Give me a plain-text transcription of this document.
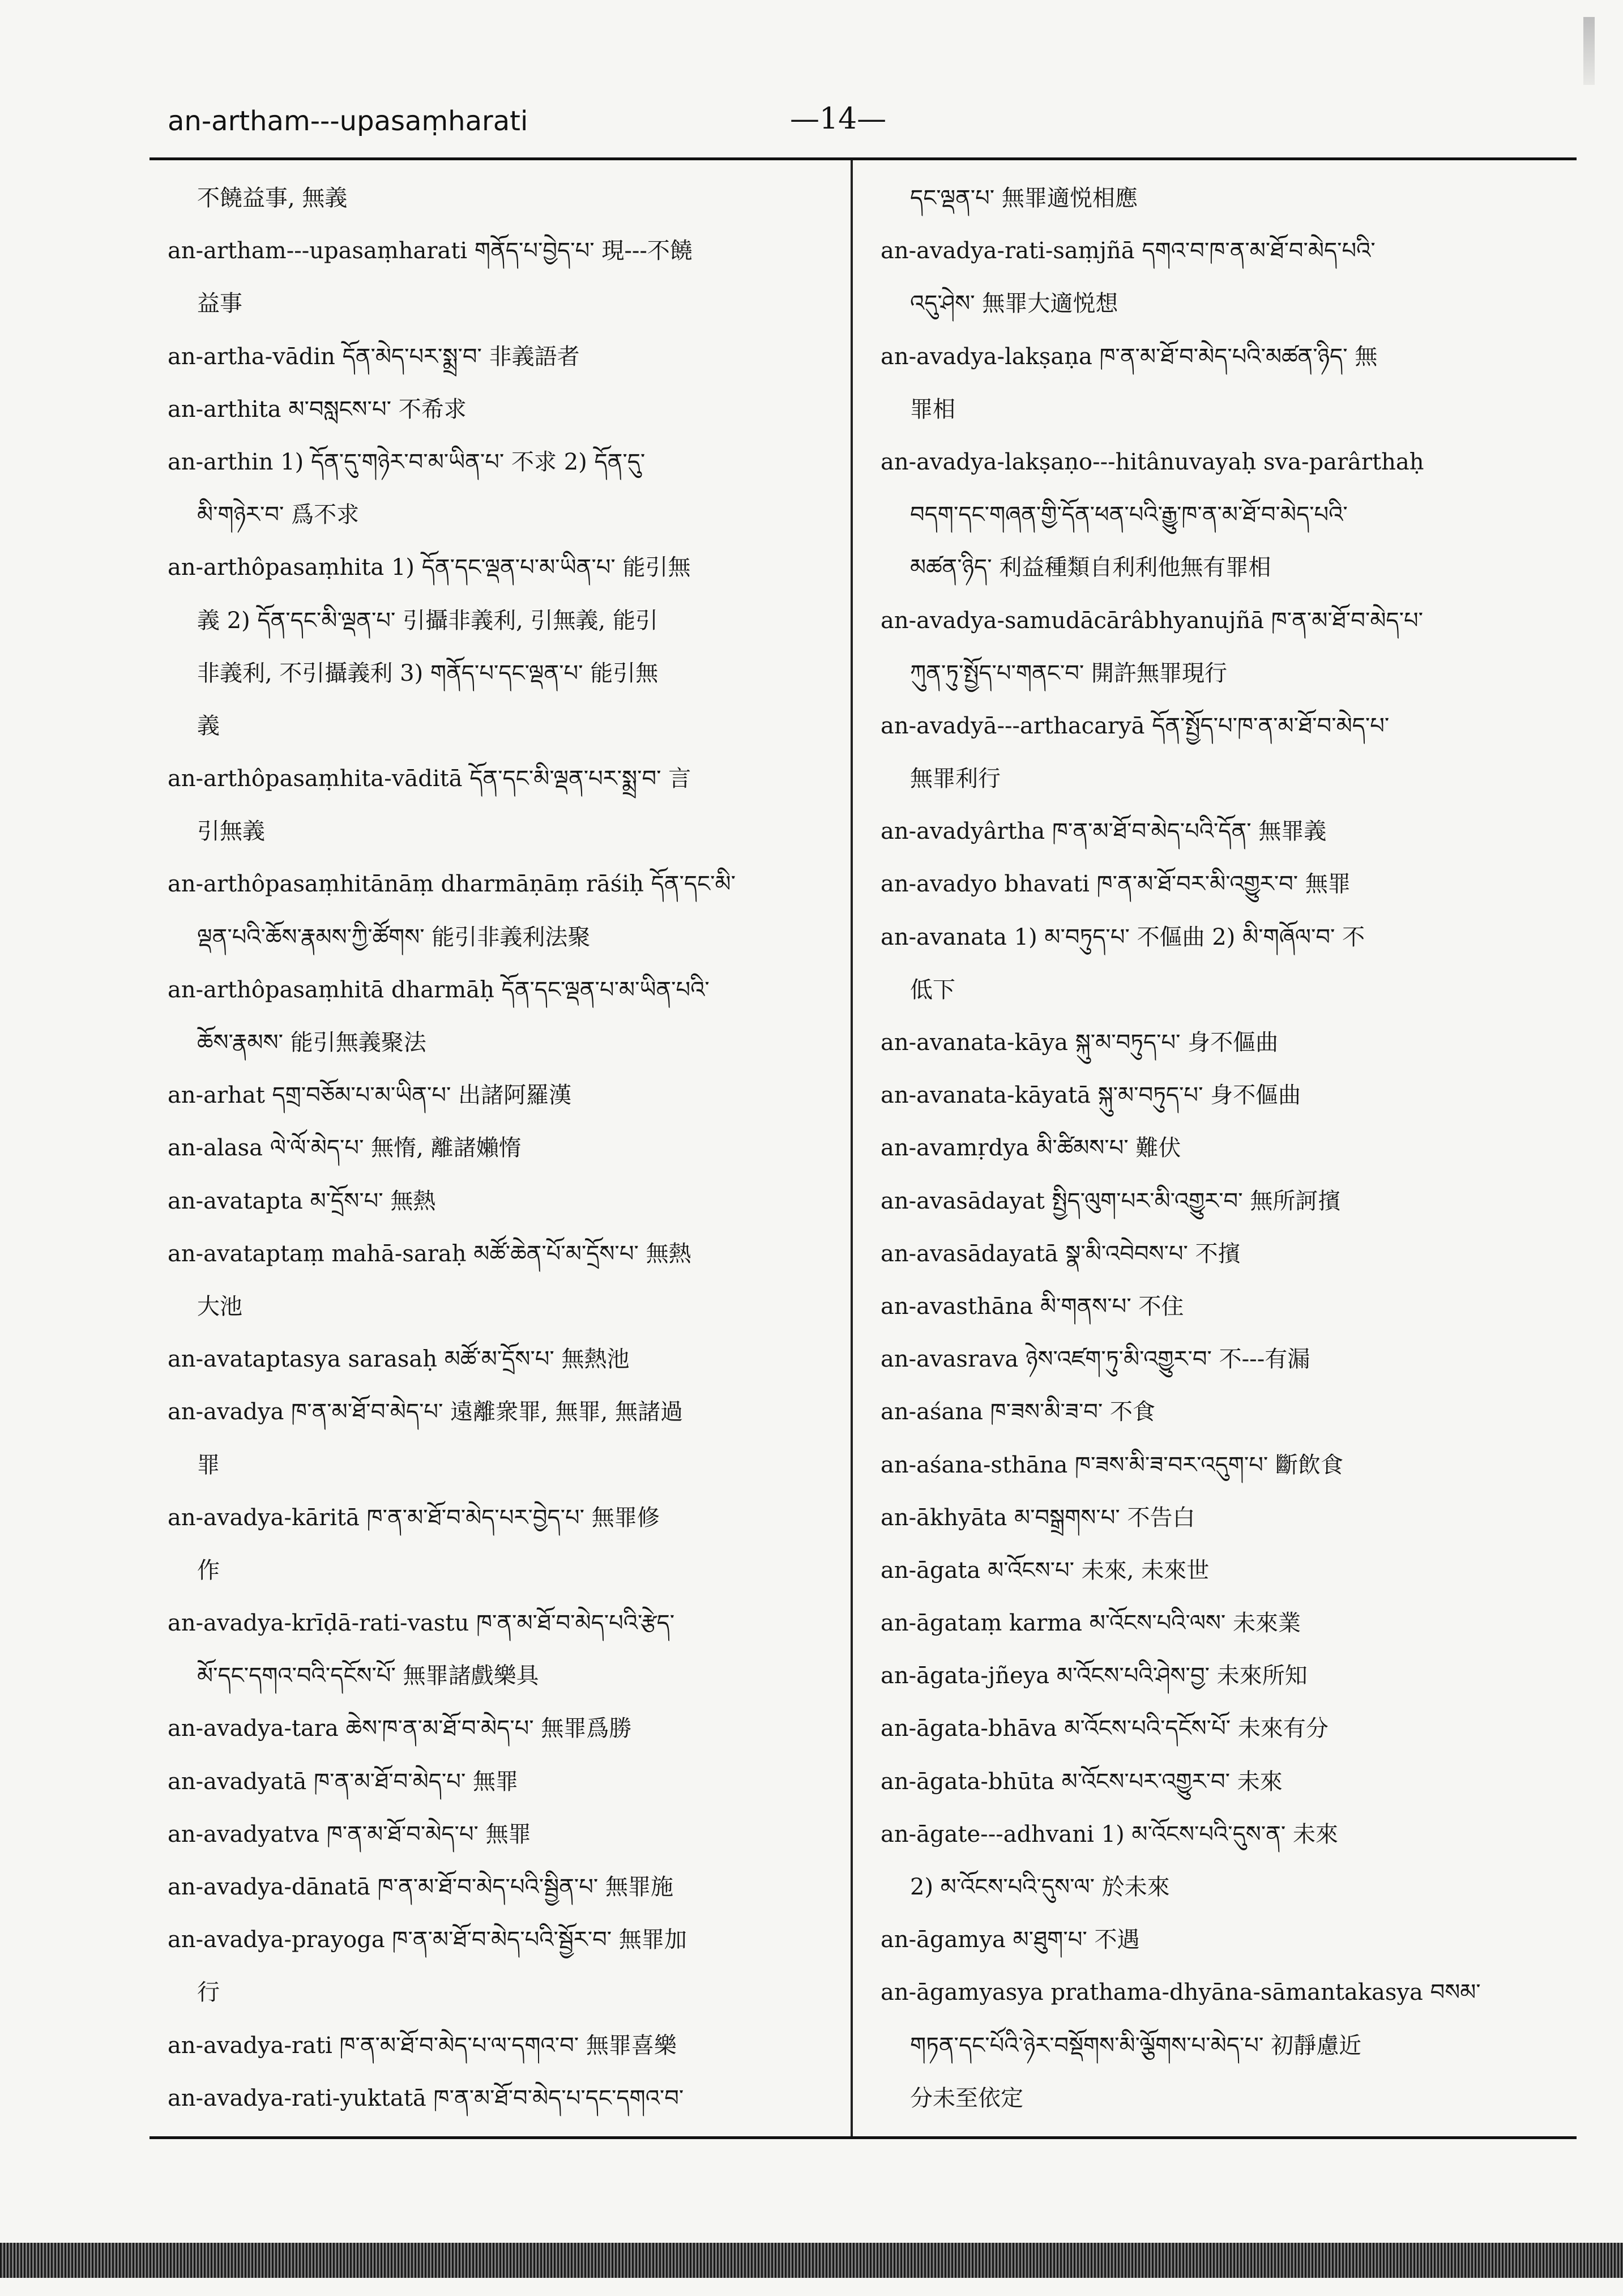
an-artham---upasaṃharati	—14—
不饒益事, 無義
an-artham---upasaṃharati གནོད་པ་བྱེད་པ་ 現---不饒
益事
an-artha-vādin དོན་མེད་པར་སྨྲ་བ་ 非義語者
an-arthita མ་བསླངས་པ་ 不希求
an-arthin 1) དོན་དུ་གཉེར་བ་མ་ཡིན་པ་ 不求 2) དོན་དུ་
མི་གཉེར་བ་ 爲不求
an-arthôpasaṃhita 1) དོན་དང་ལྡན་པ་མ་ཡིན་པ་ 能引無
義 2) དོན་དང་མི་ལྡན་པ་ 引攝非義利, 引無義, 能引
非義利, 不引攝義利 3) གནོད་པ་དང་ལྡན་པ་ 能引無
義
an-arthôpasaṃhita-vāditā དོན་དང་མི་ལྡན་པར་སྨྲ་བ་ 言
引無義
an-arthôpasaṃhitānāṃ dharmāṇāṃ rāśiḥ དོན་དང་མི་
ལྡན་པའི་ཆོས་རྣམས་ཀྱི་ཚོགས་ 能引非義利法聚
an-arthôpasaṃhitā dharmāḥ དོན་དང་ལྡན་པ་མ་ཡིན་པའི་
ཆོས་རྣམས་ 能引無義聚法
an-arhat དགྲ་བཅོམ་པ་མ་ཡིན་པ་ 出諸阿羅漢
an-alasa ལེ་ལོ་མེད་པ་ 無惰, 離諸嬾惰
an-avatapta མ་དྲོས་པ་ 無熱
an-avataptaṃ mahā-saraḥ མཚོ་ཆེན་པོ་མ་དྲོས་པ་ 無熱
大池
an-avataptasya sarasaḥ མཚོ་མ་དྲོས་པ་ 無熱池
an-avadya ཁ་ན་མ་ཐོ་བ་མེད་པ་ 遠離衆罪, 無罪, 無諸過
罪
an-avadya-kāritā ཁ་ན་མ་ཐོ་བ་མེད་པར་བྱེད་པ་ 無罪修
作
an-avadya-krīḍā-rati-vastu ཁ་ན་མ་ཐོ་བ་མེད་པའི་རྩེད་
མོ་དང་དགའ་བའི་དངོས་པོ་ 無罪諸戲樂具
an-avadya-tara ཆེས་ཁ་ན་མ་ཐོ་བ་མེད་པ་ 無罪爲勝
an-avadyatā ཁ་ན་མ་ཐོ་བ་མེད་པ་ 無罪
an-avadyatva ཁ་ན་མ་ཐོ་བ་མེད་པ་ 無罪
an-avadya-dānatā ཁ་ན་མ་ཐོ་བ་མེད་པའི་སྦྱིན་པ་ 無罪施
an-avadya-prayoga ཁ་ན་མ་ཐོ་བ་མེད་པའི་སྦྱོར་བ་ 無罪加
行
an-avadya-rati ཁ་ན་མ་ཐོ་བ་མེད་པ་ལ་དགའ་བ་ 無罪喜樂
an-avadya-rati-yuktatā ཁ་ན་མ་ཐོ་བ་མེད་པ་དང་དགའ་བ་
དང་ལྡན་པ་ 無罪適悦相應
an-avadya-rati-saṃjñā དགའ་བ་ཁ་ན་མ་ཐོ་བ་མེད་པའི་
འདུ་ཤེས་ 無罪大適悦想
an-avadya-lakṣaṇa ཁ་ན་མ་ཐོ་བ་མེད་པའི་མཚན་ཉིད་ 無
罪相
an-avadya-lakṣaṇo---hitânuvayaḥ sva-parârthaḥ
བདག་དང་གཞན་གྱི་དོན་ཕན་པའི་རྒྱུ་ཁ་ན་མ་ཐོ་བ་མེད་པའི་
མཚན་ཉིད་ 利益種類自利利他無有罪相
an-avadya-samudācārâbhyanujñā ཁ་ན་མ་ཐོ་བ་མེད་པ་
ཀུན་ཏུ་སྤྱོད་པ་གནང་བ་ 開許無罪現行
an-avadyā---arthacaryā དོན་སྤྱོད་པ་ཁ་ན་མ་ཐོ་བ་མེད་པ་
無罪利行
an-avadyârtha ཁ་ན་མ་ཐོ་བ་མེད་པའི་དོན་ 無罪義
an-avadyo bhavati ཁ་ན་མ་ཐོ་བར་མི་འགྱུར་བ་ 無罪
an-avanata 1) མ་བཏུད་པ་ 不傴曲 2) མི་གཞོལ་བ་ 不
低下
an-avanata-kāya སྐུ་མ་བཏུད་པ་ 身不傴曲
an-avanata-kāyatā སྐུ་མ་བཏུད་པ་ 身不傴曲
an-avamṛdya མི་ཚིམས་པ་ 難伏
an-avasādayat སྤྱིད་ལུག་པར་མི་འགྱུར་བ་ 無所訶擯
an-avasādayatā སྣ་མི་འབེབས་པ་ 不擯
an-avasthāna མི་གནས་པ་ 不住
an-avasrava ཉེས་འཛག་ཏུ་མི་འགྱུར་བ་ 不---有漏
an-aśana ཁ་ཟས་མི་ཟ་བ་ 不食
an-aśana-sthāna ཁ་ཟས་མི་ཟ་བར་འདུག་པ་ 斷飲食
an-ākhyāta མ་བསྒྲགས་པ་ 不告白
an-āgata མ་འོངས་པ་ 未來, 未來世
an-āgataṃ karma མ་འོངས་པའི་ལས་ 未來業
an-āgata-jñeya མ་འོངས་པའི་ཤེས་བྱ་ 未來所知
an-āgata-bhāva མ་འོངས་པའི་དངོས་པོ་ 未來有分
an-āgata-bhūta མ་འོངས་པར་འགྱུར་བ་ 未來
an-āgate---adhvani 1) མ་འོངས་པའི་དུས་ན་ 未來
2) མ་འོངས་པའི་དུས་ལ་ 於未來
an-āgamya མ་ཐུག་པ་ 不遇
an-āgamyasya prathama-dhyāna-sāmantakasya བསམ་
གཏན་དང་པོའི་ཉེར་བསྡོགས་མི་ལྕོགས་པ་མེད་པ་ 初靜慮近
分未至依定
